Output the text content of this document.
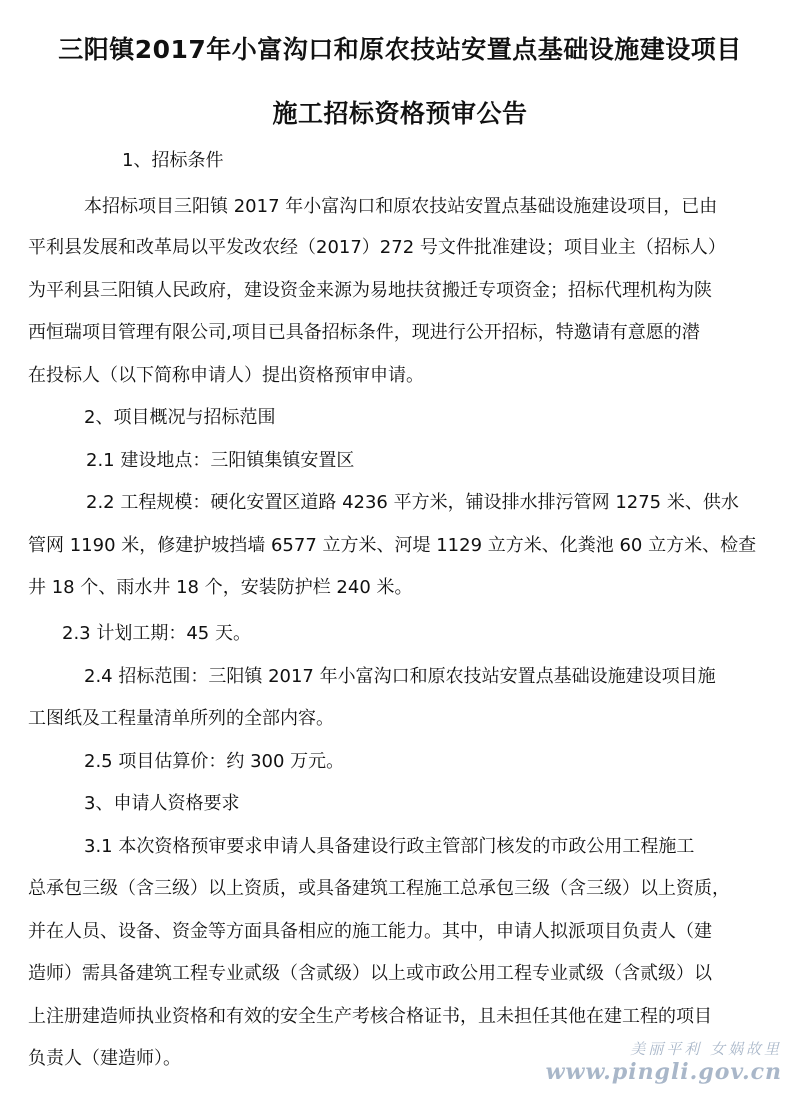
三阳镇2017年小富沟口和原农技站安置点基础设施建设项目
施工招标资格预审公告
1、招标条件
本招标项目三阳镇 2017 年小富沟口和原农技站安置点基础设施建设项目，已由
平利县发展和改革局以平发改农经（2017）272 号文件批准建设；项目业主（招标人）
为平利县三阳镇人民政府，建设资金来源为易地扶贫搬迁专项资金；招标代理机构为陕
西恒瑞项目管理有限公司,项目已具备招标条件，现进行公开招标，特邀请有意愿的潜
在投标人（以下简称申请人）提出资格预审申请。
2、项目概况与招标范围
2.1 建设地点：三阳镇集镇安置区
2.2 工程规模：硬化安置区道路 4236 平方米，铺设排水排污管网 1275 米、供水
管网 1190 米，修建护坡挡墙 6577 立方米、河堤 1129 立方米、化粪池 60 立方米、检查
井 18 个、雨水井 18 个，安装防护栏 240 米。
2.3 计划工期：45 天。
2.4 招标范围：三阳镇 2017 年小富沟口和原农技站安置点基础设施建设项目施
工图纸及工程量清单所列的全部内容。
2.5 项目估算价：约 300 万元。
3、申请人资格要求
3.1 本次资格预审要求申请人具备建设行政主管部门核发的市政公用工程施工
总承包三级（含三级）以上资质，或具备建筑工程施工总承包三级（含三级）以上资质，
并在人员、设备、资金等方面具备相应的施工能力。其中，申请人拟派项目负责人（建
造师）需具备建筑工程专业贰级（含贰级）以上或市政公用工程专业贰级（含贰级）以
上注册建造师执业资格和有效的安全生产考核合格证书，且未担任其他在建工程的项目
负责人（建造师）。	美丽平利 女娲故里
www.pingli.gov.cn
